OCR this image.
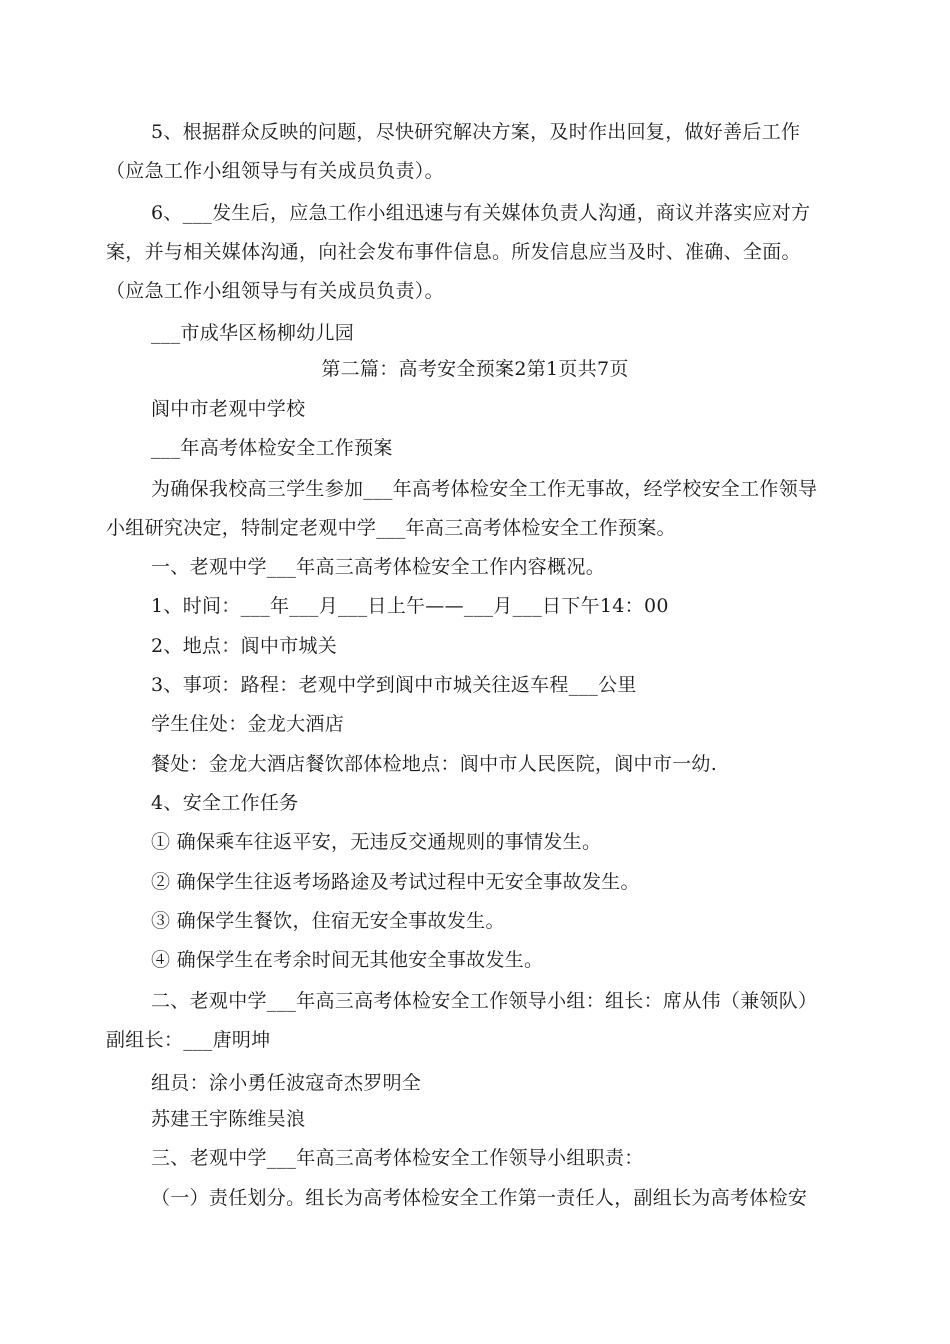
5、根据群众反映的问题，尽快研究解决方案，及时作出回复，做好善后工作
（应急工作小组领导与有关成员负责）。
6、___发生后，应急工作小组迅速与有关媒体负责人沟通，商议并落实应对方
案，并与相关媒体沟通，向社会发布事件信息。所发信息应当及时、准确、全面。
（应急工作小组领导与有关成员负责）。
___市成华区杨柳幼儿园
第二篇：高考安全预案2第1页共7页
阆中市老观中学校
___年高考体检安全工作预案
为确保我校高三学生参加___年高考体检安全工作无事故，经学校安全工作领导
小组研究决定，特制定老观中学___年高三高考体检安全工作预案。
一、老观中学___年高三高考体检安全工作内容概况。
1、时间：___年___月___日上午——___月___日下午14：00
2、地点：阆中市城关
3、事项：路程：老观中学到阆中市城关往返车程___公里
学生住处：金龙大酒店
餐处：金龙大酒店餐饮部体检地点：阆中市人民医院，阆中市一幼.
4、安全工作任务
① 确保乘车往返平安，无违反交通规则的事情发生。
② 确保学生往返考场路途及考试过程中无安全事故发生。
③ 确保学生餐饮，住宿无安全事故发生。
④ 确保学生在考余时间无其他安全事故发生。
二、老观中学___年高三高考体检安全工作领导小组：组长：席从伟（兼领队）
副组长：___唐明坤
组员：涂小勇任波寇奇杰罗明全
苏建王宇陈维吴浪
三、老观中学___年高三高考体检安全工作领导小组职责：
（一）责任划分。组长为高考体检安全工作第一责任人，副组长为高考体检安
